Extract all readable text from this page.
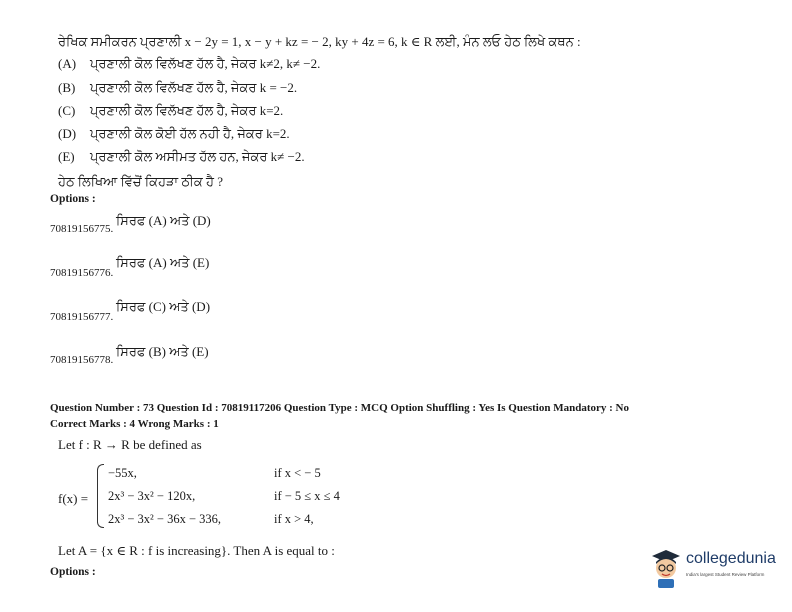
ਰੇਖਿਕ ਸਮੀਕਰਨ ਪ੍ਰਣਾਲੀ x − 2y = 1, x − y + kz = − 2, ky + 4z = 6, k ∈ R ਲਈ, ਮੰਨ ਲਓ ਹੇਠ ਲਿਖੇ ਕਥਨ :
(A) ਪ੍ਰਣਾਲੀ ਕੋਲ ਵਿਲੱਖਣ ਹੱਲ ਹੈ, ਜੇਕਰ k≠2, k≠ −2.
(B) ਪ੍ਰਣਾਲੀ ਕੋਲ ਵਿਲੱਖਣ ਹੱਲ ਹੈ, ਜੇਕਰ k = −2.
(C) ਪ੍ਰਣਾਲੀ ਕੋਲ ਵਿਲੱਖਣ ਹੱਲ ਹੈ, ਜੇਕਰ k=2.
(D) ਪ੍ਰਣਾਲੀ ਕੋਲ ਕੋਈ ਹੱਲ ਨਹੀ ਹੈ, ਜੇਕਰ k=2.
(E) ਪ੍ਰਣਾਲੀ ਕੋਲ ਅਸੀਮਤ ਹੱਲ ਹਨ, ਜੇਕਰ k≠ −2.
ਹੇਠ ਲਿਖਿਆ ਵਿੱਚੋਂ ਕਿਹੜਾ ਠੀਕ ਹੈ ?
Options :
70819156775. ਸਿਰਫ (A) ਅਤੇ (D)
70819156776. ਸਿਰਫ (A) ਅਤੇ (E)
70819156777. ਸਿਰਫ (C) ਅਤੇ (D)
70819156778. ਸਿਰਫ (B) ਅਤੇ (E)
Question Number : 73 Question Id : 70819117206 Question Type : MCQ Option Shuffling : Yes Is Question Mandatory : No
Correct Marks : 4 Wrong Marks : 1
Let f : R → R be defined as
f(x) =
−55x,	if x < − 5
2x³ − 3x² − 120x,	if − 5 ≤ x ≤ 4
2x³ − 3x² − 36x − 336,	if x > 4,
Let A = {x ∈ R : f is increasing}. Then A is equal to :
Options :
collegedunia
India's largest Student Review Platform
